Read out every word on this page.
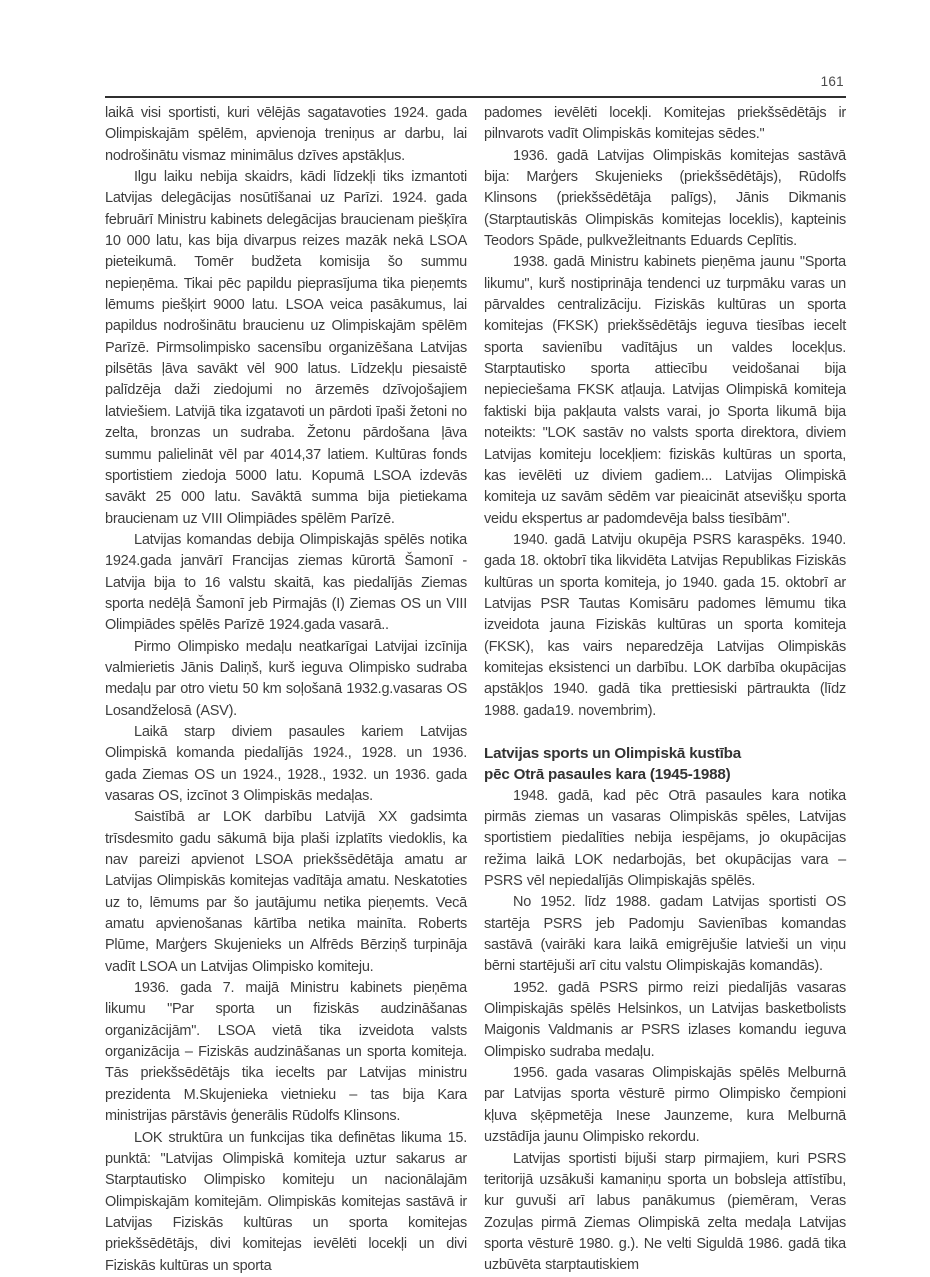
161

laikā visi sportisti, kuri vēlējās sagatavoties 1924. gada Olimpiskajām spēlēm, apvienoja treniņus ar darbu, lai nodrošinātu vismaz minimālus dzīves apstākļus.

Ilgu laiku nebija skaidrs, kādi līdzekļi tiks izmantoti Latvijas delegācijas nosūtīšanai uz Parīzi. 1924. gada februārī Ministru kabinets delegācijas braucienam piešķīra 10 000 latu, kas bija divarpus reizes mazāk nekā LSOA pieteikumā. Tomēr budžeta komisija šo summu nepieņēma. Tikai pēc papildu pieprasījuma tika pieņemts lēmums piešķirt 9000 latu. LSOA veica pasākumus, lai papildus nodrošinātu braucienu uz Olimpiskajām spēlēm Parīzē. Pirmsolimpisko sacensību organizēšana Latvijas pilsētās ļāva savākt vēl 900 latus. Līdzekļu piesaistē palīdzēja daži ziedojumi no ārzemēs dzīvojošajiem latviešiem. Latvijā tika izgatavoti un pārdoti īpaši žetoni no zelta, bronzas un sudraba. Žetonu pārdošana ļāva summu palielināt vēl par 4014,37 latiem. Kultūras fonds sportistiem ziedoja 5000 latu. Kopumā LSOA izdevās savākt 25 000 latu. Savāktā summa bija pietiekama braucienam uz VIII Olimpiādes spēlēm Parīzē.

Latvijas komandas debija Olimpiskajās spēlēs notika 1924.gada janvārī Francijas ziemas kūrortā Šamonī - Latvija bija to 16 valstu skaitā, kas piedalījās Ziemas sporta nedēļā Šamonī jeb Pirmajās (I) Ziemas OS un VIII Olimpiādes spēlēs Parīzē 1924.gada vasarā..

Pirmo Olimpisko medaļu neatkarīgai Latvijai izcīnija valmierietis Jānis Daliņš, kurš ieguva Olimpisko sudraba medaļu par otro vietu 50 km soļošanā 1932.g.vasaras OS Losandželosā (ASV).

Laikā starp diviem pasaules kariem Latvijas Olimpiskā komanda piedalījās 1924., 1928. un 1936. gada Ziemas OS un 1924., 1928., 1932. un 1936. gada vasaras OS, izcīnot 3 Olimpiskās medaļas.

Saistībā ar LOK darbību Latvijā XX gadsimta trīsdesmito gadu sākumā bija plaši izplatīts viedoklis, ka nav pareizi apvienot LSOA priekšsēdētāja amatu ar Latvijas Olimpiskās komitejas vadītāja amatu. Neskatoties uz to, lēmums par šo jautājumu netika pieņemts. Vecā amatu apvienošanas kārtība netika mainīta. Roberts Plūme, Marģers Skujenieks un Alfrēds Bērziņš turpināja vadīt LSOA un Latvijas Olimpisko komiteju.

1936. gada 7. maijā Ministru kabinets pieņēma likumu "Par sporta un fiziskās audzināšanas organizācijām". LSOA vietā tika izveidota valsts organizācija – Fiziskās audzināšanas un sporta komiteja. Tās priekšsēdētājs tika iecelts par Latvijas ministru prezidenta M.Skujenieka vietnieku – tas bija Kara ministrijas pārstāvis ģenerālis Rūdolfs Klinsons.

LOK struktūra un funkcijas tika definētas likuma 15. punktā: "Latvijas Olimpiskā komiteja uztur sakarus ar Starptautisko Olimpisko komiteju un nacionālajām Olimpiskajām komitejām. Olimpiskās komitejas sastāvā ir Latvijas Fiziskās kultūras un sporta komitejas priekšsēdētājs, divi komitejas ievēlēti locekļi un divi Fiziskās kultūras un sporta

padomes ievēlēti locekļi. Komitejas priekšsēdētājs ir pilnvarots vadīt Olimpiskās komitejas sēdes."

1936. gadā Latvijas Olimpiskās komitejas sastāvā bija: Marģers Skujenieks (priekšsēdētājs), Rūdolfs Klinsons (priekšsēdētāja palīgs), Jānis Dikmanis (Starptautiskās Olimpiskās komitejas loceklis), kapteinis Teodors Spāde, pulkvežleitnants Eduards Ceplītis.

1938. gadā Ministru kabinets pieņēma jaunu "Sporta likumu", kurš nostiprināja tendenci uz turpmāku varas un pārvaldes centralizāciju. Fiziskās kultūras un sporta komitejas (FKSK) priekšsēdētājs ieguva tiesības iecelt sporta savienību vadītājus un valdes locekļus. Starptautisko sporta attiecību veidošanai bija nepieciešama FKSK atļauja. Latvijas Olimpiskā komiteja faktiski bija pakļauta valsts varai, jo Sporta likumā bija noteikts: "LOK sastāv no valsts sporta direktora, diviem Latvijas komiteju locekļiem: fiziskās kultūras un sporta, kas ievēlēti uz diviem gadiem... Latvijas Olimpiskā komiteja uz savām sēdēm var pieaicināt atsevišķu sporta veidu ekspertus ar padomdevēja balss tiesībām".

1940. gadā Latviju okupēja PSRS karaspēks. 1940. gada 18. oktobrī tika likvidēta Latvijas Republikas Fiziskās kultūras un sporta komiteja, jo 1940. gada 15. oktobrī ar Latvijas PSR Tautas Komisāru padomes lēmumu tika izveidota jauna Fiziskās kultūras un sporta komiteja (FKSK), kas vairs neparedzēja Latvijas Olimpiskās komitejas eksistenci un darbību. LOK darbība okupācijas apstākļos 1940. gadā tika prettiesiski pārtraukta (līdz 1988. gada19. novembrim).

Latvijas sports un Olimpiskā kustība
pēc Otrā pasaules kara (1945-1988)

1948. gadā, kad pēc Otrā pasaules kara notika pirmās ziemas un vasaras Olimpiskās spēles, Latvijas sportistiem piedalīties nebija iespējams, jo okupācijas režima laikā LOK nedarbojās, bet okupācijas vara – PSRS vēl nepiedalījās Olimpiskajās spēlēs.

No 1952. līdz 1988. gadam Latvijas sportisti OS startēja PSRS jeb Padomju Savienības komandas sastāvā (vairāki kara laikā emigrējušie latvieši un viņu bērni startējuši arī citu valstu Olimpiskajās komandās).

1952. gadā PSRS pirmo reizi piedalījās vasaras Olimpiskajās spēlēs Helsinkos, un Latvijas basketbolists Maigonis Valdmanis ar PSRS izlases komandu ieguva Olimpisko sudraba medaļu.

1956. gada vasaras Olimpiskajās spēlēs Melburnā par Latvijas sporta vēsturē pirmo Olimpisko čempioni kļuva sķēpmetēja Inese Jaunzeme, kura Melburnā uzstādīja jaunu Olimpisko rekordu.

Latvijas sportisti bijuši starp pirmajiem, kuri PSRS teritorijā uzsākuši kamaniņu sporta un bobsleja attīstību, kur guvuši arī labus panākumus (piemēram, Veras Zozuļas pirmā Ziemas Olimpiskā zelta medaļa Latvijas sporta vēsturē 1980. g.). Ne velti Siguldā 1986. gadā tika uzbūvēta starptautiskiem
